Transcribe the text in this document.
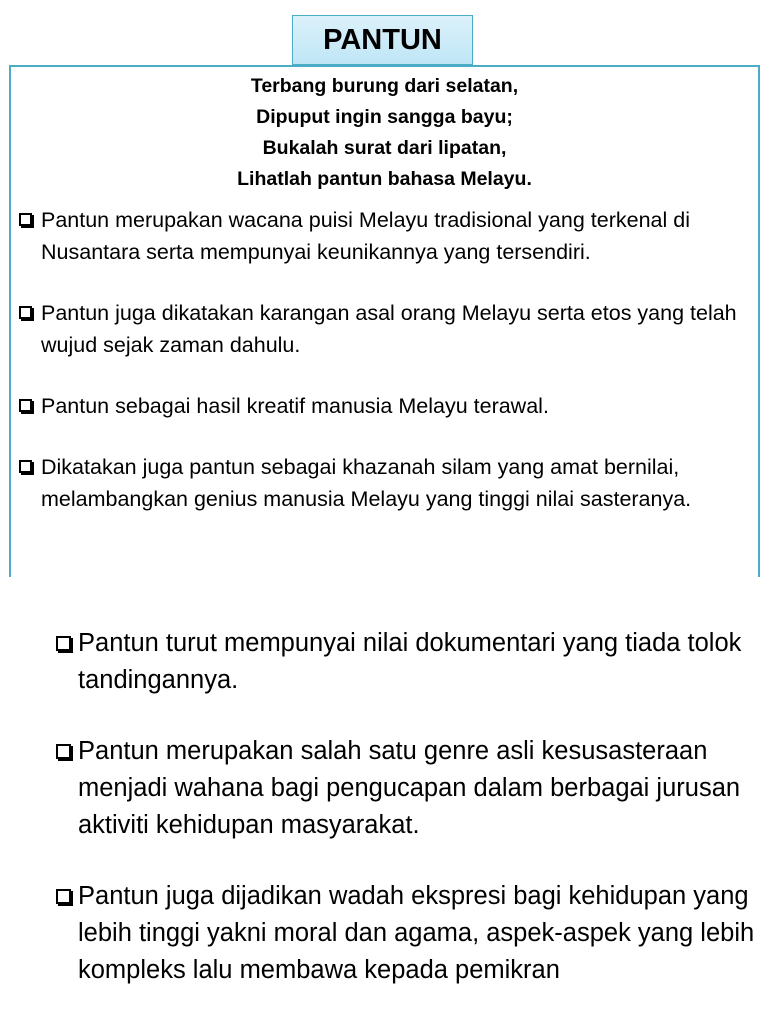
PANTUN
Terbang burung dari selatan,
Dipuput ingin sangga bayu;
Bukalah surat dari lipatan,
Lihatlah pantun bahasa Melayu.
Pantun merupakan wacana puisi Melayu tradisional yang terkenal di Nusantara serta mempunyai keunikannya yang tersendiri.
Pantun juga dikatakan karangan asal orang Melayu serta etos yang telah wujud sejak zaman dahulu.
Pantun sebagai hasil kreatif manusia Melayu terawal.
Dikatakan juga pantun sebagai khazanah silam yang amat bernilai, melambangkan genius manusia Melayu yang tinggi nilai sasteranya.
Pantun turut mempunyai nilai dokumentari yang tiada tolok tandingannya.
Pantun merupakan salah satu genre asli kesusasteraan menjadi wahana bagi pengucapan dalam berbagai jurusan aktiviti kehidupan masyarakat.
Pantun juga dijadikan wadah ekspresi bagi kehidupan yang lebih tinggi yakni moral dan agama, aspek-aspek yang lebih kompleks lalu membawa kepada pemikran
